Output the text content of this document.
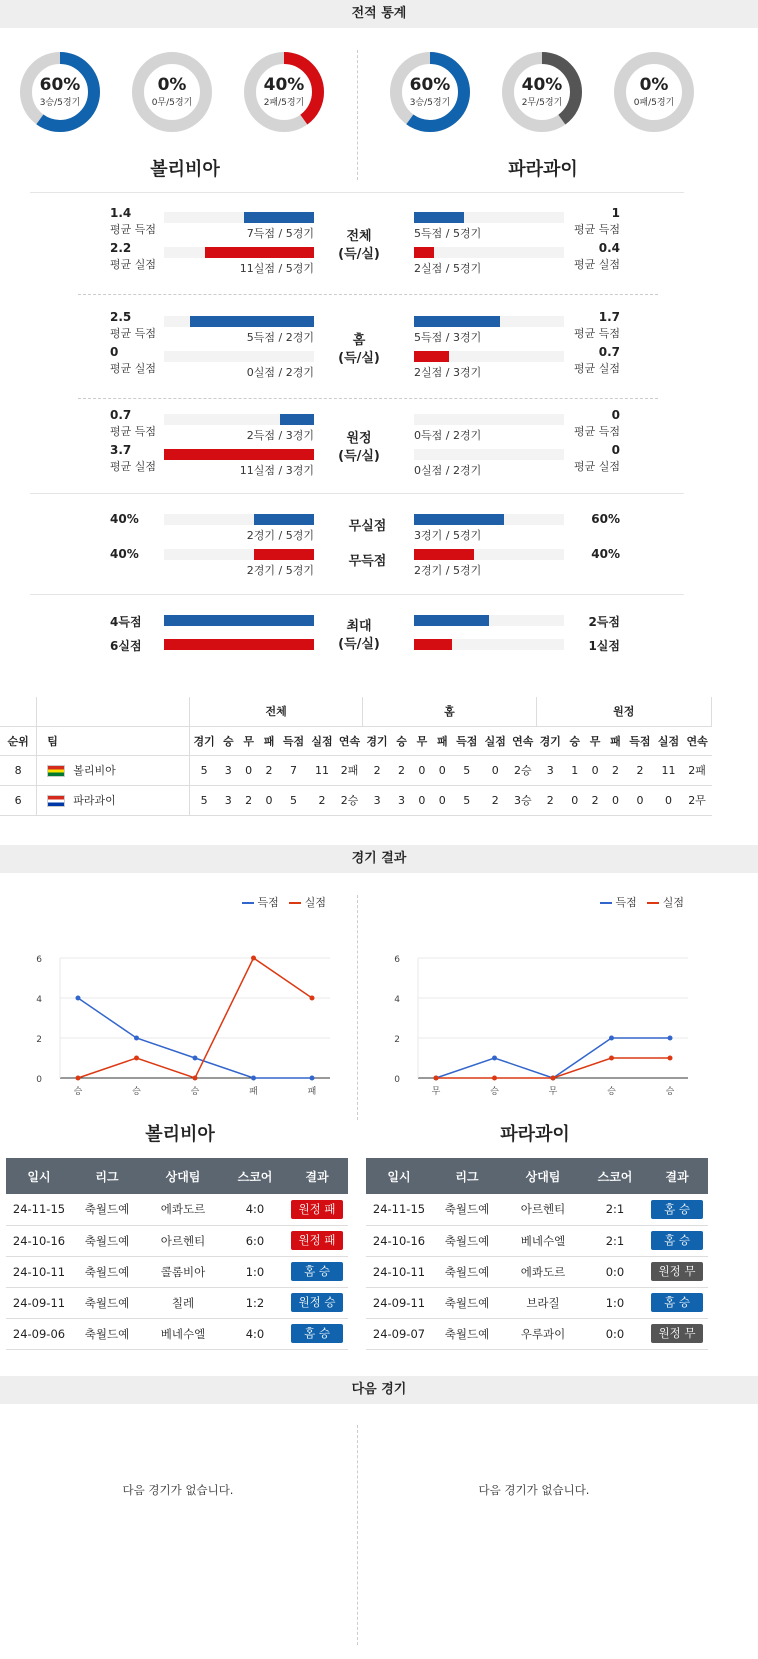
전적 통계
60%
3승/5경기
0%
0무/5경기
40%
2패/5경기
60%
3승/5경기
40%
2무/5경기
0%
0패/5경기
볼리비아	파라과이
전체
(득/실)
1.4
평균 득점	7득점 / 5경기
1
평균 득점
5득점 / 5경기
2.2
평균 실점	11실점 / 5경기
0.4
평균 실점
2실점 / 5경기
홈
(득/실)
2.5
평균 득점	5득점 / 2경기
1.7
평균 득점
5득점 / 3경기
0
평균 실점	0실점 / 2경기
0.7
평균 실점
2실점 / 3경기
원정
(득/실)
0.7
평균 득점	2득점 / 3경기
0
평균 득점
0득점 / 2경기
3.7
평균 실점	11실점 / 3경기
0
평균 실점
0실점 / 2경기
40%
2경기 / 5경기
무실점	60%
3경기 / 5경기
40%
2경기 / 5경기
무득점	40%
2경기 / 5경기
최대
(득/실)
4득점	2득점
6실점	1실점
		전체							홈							원정						
순위	팀	경기	승	무	패	득점	실점	연속	경기	승	무	패	득점	실점	연속	경기	승	무	패	득점	실점	연속
8	볼리비아	5	3	0	2	7	11	2패	2	2	0	0	5	0	2승	3	1	0	2	2	11	2패
6	파라과이	5	3	2	0	5	2	2승	3	3	0	0	5	2	3승	2	0	2	0	0	0	2무
경기 결과
득점 실점	득점 실점
6
4
2
0
승	승	승	패	패
6
4
2
0
무	승	무	승	승
볼리비아	파라과이
일시	리그	상대팀	스코어	결과
24-11-15	축월드예	에콰도르	4:0	원정 패
24-10-16	축월드예	아르헨티	6:0	원정 패
24-10-11	축월드예	콜롬비아	1:0	홈 승
24-09-11	축월드예	칠레	1:2	원정 승
24-09-06	축월드예	베네수엘	4:0	홈 승
일시	리그	상대팀	스코어	결과
24-11-15	축월드예	아르헨티	2:1	홈 승
24-10-16	축월드예	베네수엘	2:1	홈 승
24-10-11	축월드예	에콰도르	0:0	원정 무
24-09-11	축월드예	브라질	1:0	홈 승
24-09-07	축월드예	우루과이	0:0	원정 무
다음 경기
다음 경기가 없습니다.	다음 경기가 없습니다.
